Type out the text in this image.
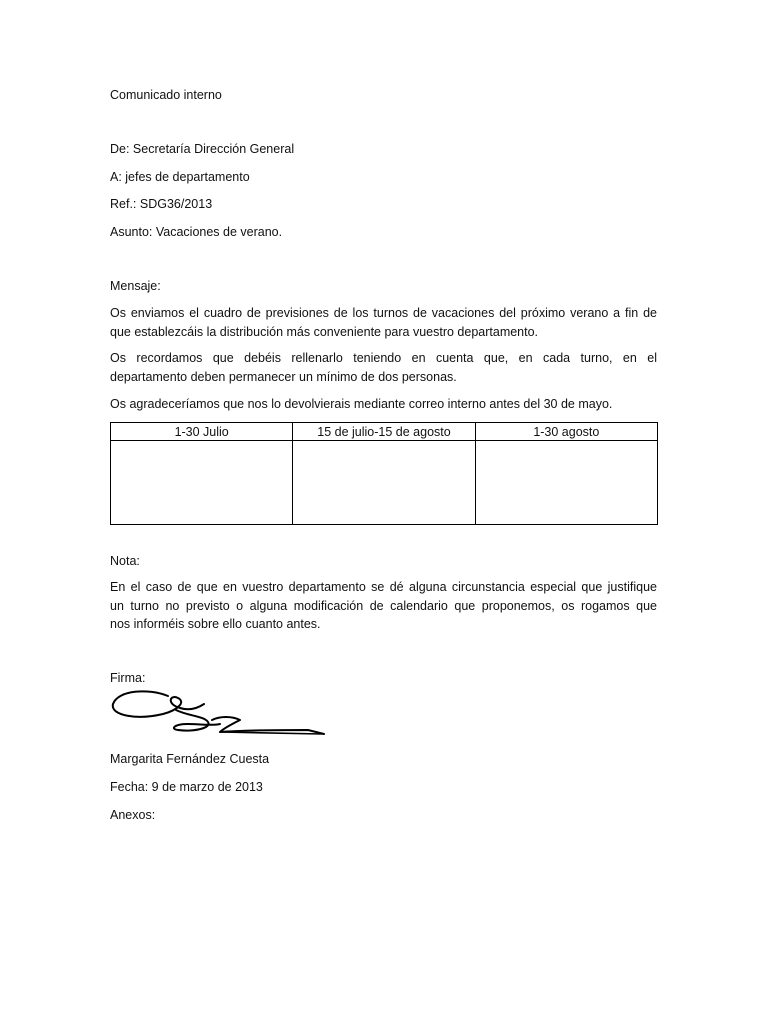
Comunicado interno
De: Secretaría Dirección General
A: jefes de departamento
Ref.: SDG36/2013
Asunto: Vacaciones de verano.
Mensaje:
Os enviamos el cuadro de previsiones de los turnos de vacaciones del próximo verano a fin de
que establezcáis la distribución más conveniente para vuestro departamento.
Os recordamos que debéis rellenarlo teniendo en cuenta que, en cada turno, en el
departamento deben permanecer un mínimo de dos personas.
Os agradeceríamos que nos lo devolvierais mediante correo interno antes del 30 de mayo.
1-30 Julio	15 de julio-15 de agosto	1-30 agosto

Nota:
En el caso de que en vuestro departamento se dé alguna circunstancia especial que justifique
un turno no previsto o alguna modificación de calendario que proponemos, os rogamos que
nos informéis sobre ello cuanto antes.
Firma:
Margarita Fernández Cuesta
Fecha: 9 de marzo de 2013
Anexos:
